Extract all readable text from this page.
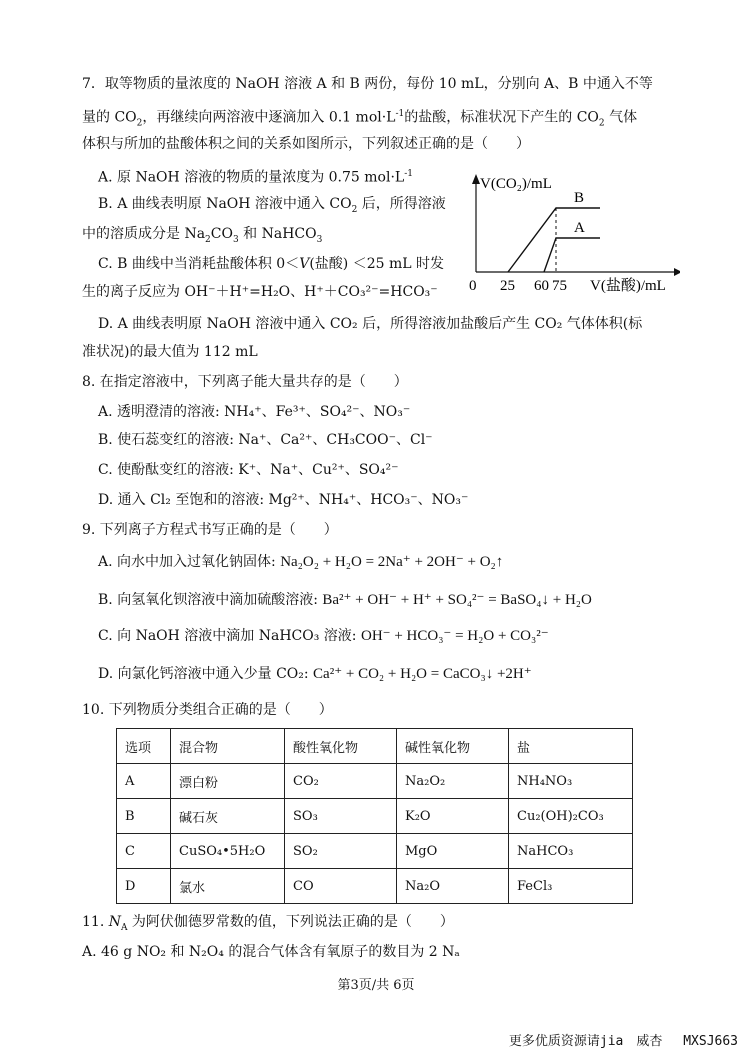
7．取等物质的量浓度的 NaOH 溶液 A 和 B 两份，每份 10 mL，分别向 A、B 中通入不等
量的 $CO_2$，再继续向两溶液中逐滴加入 0.1 $mol\cdot L^{-1}$的盐酸，标准状况下产生的 $CO_2$ 气体
体积与所加的盐酸体积之间的关系如图所示，下列叙述正确的是（　　）
A. 原 NaOH 溶液的物质的量浓度为 0.75 $mol\cdot L^{-1}$
B. A 曲线表明原 NaOH 溶液中通入 $CO_2$ 后，所得溶液
中的溶质成分是 $Na_2CO_3$ 和 NaHCO$_3$
C. B 曲线中当消耗盐酸体积 0＜V(盐酸) ＜25 mL 时发
生的离子反应为 OH⁻＋H⁺=H₂O、H⁺＋CO₃²⁻=HCO₃⁻
D. A 曲线表明原 NaOH 溶液中通入 CO₂ 后，所得溶液加盐酸后产生 CO₂ 气体体积(标
准状况)的最大值为 112 mL
V(CO₂)/mL
B
A
0 25 60 75 V(盐酸)/mL
8. 在指定溶液中，下列离子能大量共存的是（　　）
A. 透明澄清的溶液: NH₄⁺、Fe³⁺、SO₄²⁻、NO₃⁻
B. 使石蕊变红的溶液: Na⁺、Ca²⁺、CH₃COO⁻、Cl⁻
C. 使酚酞变红的溶液: K⁺、Na⁺、Cu²⁺、SO₄²⁻
D. 通入 Cl₂ 至饱和的溶液: Mg²⁺、NH₄⁺、HCO₃⁻、NO₃⁻
9. 下列离子方程式书写正确的是（　　）
A. 向水中加入过氧化钠固体: Na₂O₂ + H₂O = 2Na⁺ + 2OH⁻ + O₂↑
B. 向氢氧化钡溶液中滴加硫酸溶液: Ba²⁺ + OH⁻ + H⁺ + SO₄²⁻ = BaSO₄↓ + H₂O
C. 向 NaOH 溶液中滴加 NaHCO₃ 溶液: OH⁻ + HCO₃⁻ = H₂O + CO₃²⁻
D. 向氯化钙溶液中通入少量 CO₂: Ca²⁺ + CO₂ + H₂O = CaCO₃↓ +2H⁺
10. 下列物质分类组合正确的是（　　）
选项	混合物	酸性氧化物	碱性氧化物	盐
A	漂白粉	CO₂	Na₂O₂	NH₄NO₃
B	碱石灰	SO₃	K₂O	Cu₂(OH)₂CO₃
C	CuSO₄•5H₂O	SO₂	MgO	NaHCO₃
D	氯水	CO	Na₂O	FeCl₃
11. $N_A$ 为阿伏伽德罗常数的值，下列说法正确的是（　　）
A. 46 g NO₂ 和 N₂O₄ 的混合气体含有氧原子的数目为 2 Nₐ
第3页/共 6页
更多优质资源请jia　威杏　 MXSJ663
